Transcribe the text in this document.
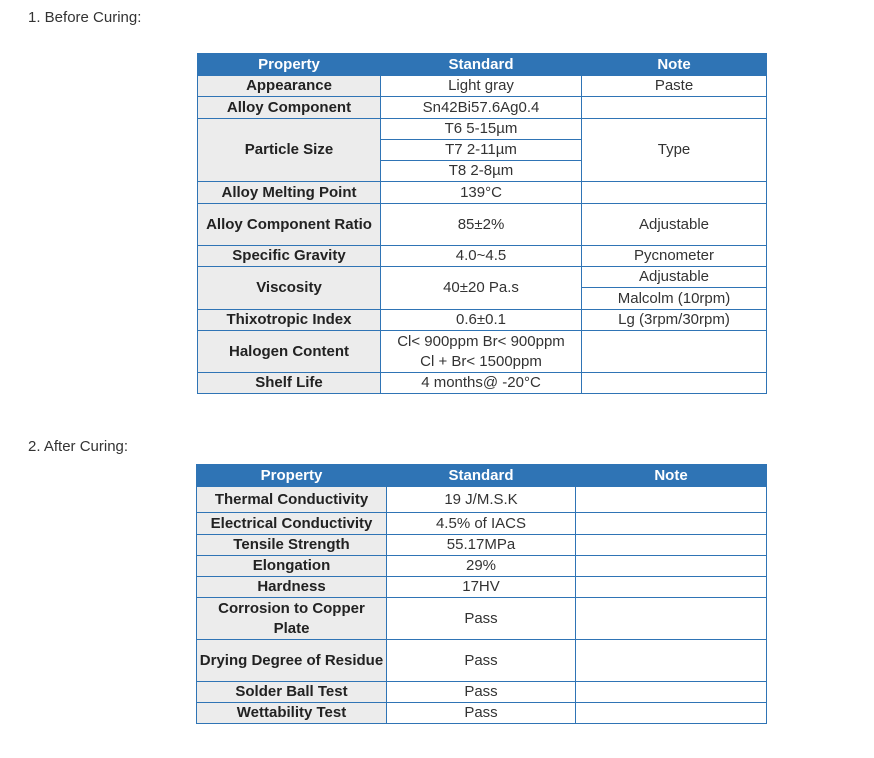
1. Before Curing:
Property	Standard	Note
Appearance	Light gray	Paste
Alloy Component	Sn42Bi57.6Ag0.4	
Particle Size	T6 5-15µm	Type
	T7 2-11µm	
	T8 2-8µm	
Alloy Melting Point	139°C	
Alloy Component Ratio	85±2%	Adjustable
Specific Gravity	4.0~4.5	Pycnometer
Viscosity	40±20 Pa.s	Adjustable
		Malcolm (10rpm)
Thixotropic Index	0.6±0.1	Lg (3rpm/30rpm)
Halogen Content	Cl< 900ppm Br< 900ppm
Cl + Br< 1500ppm	

Shelf Life	4 months@ -20°C	
2. After Curing:
Property	Standard	Note
Thermal Conductivity	19 J/M.S.K	
Electrical Conductivity	4.5% of IACS	
Tensile Strength	55.17MPa	
Elongation	29%	
Hardness	17HV	
Corrosion to Copper Plate	Pass	
Drying Degree of Residue	Pass	
Solder Ball Test	Pass	
Wettability Test	Pass	
